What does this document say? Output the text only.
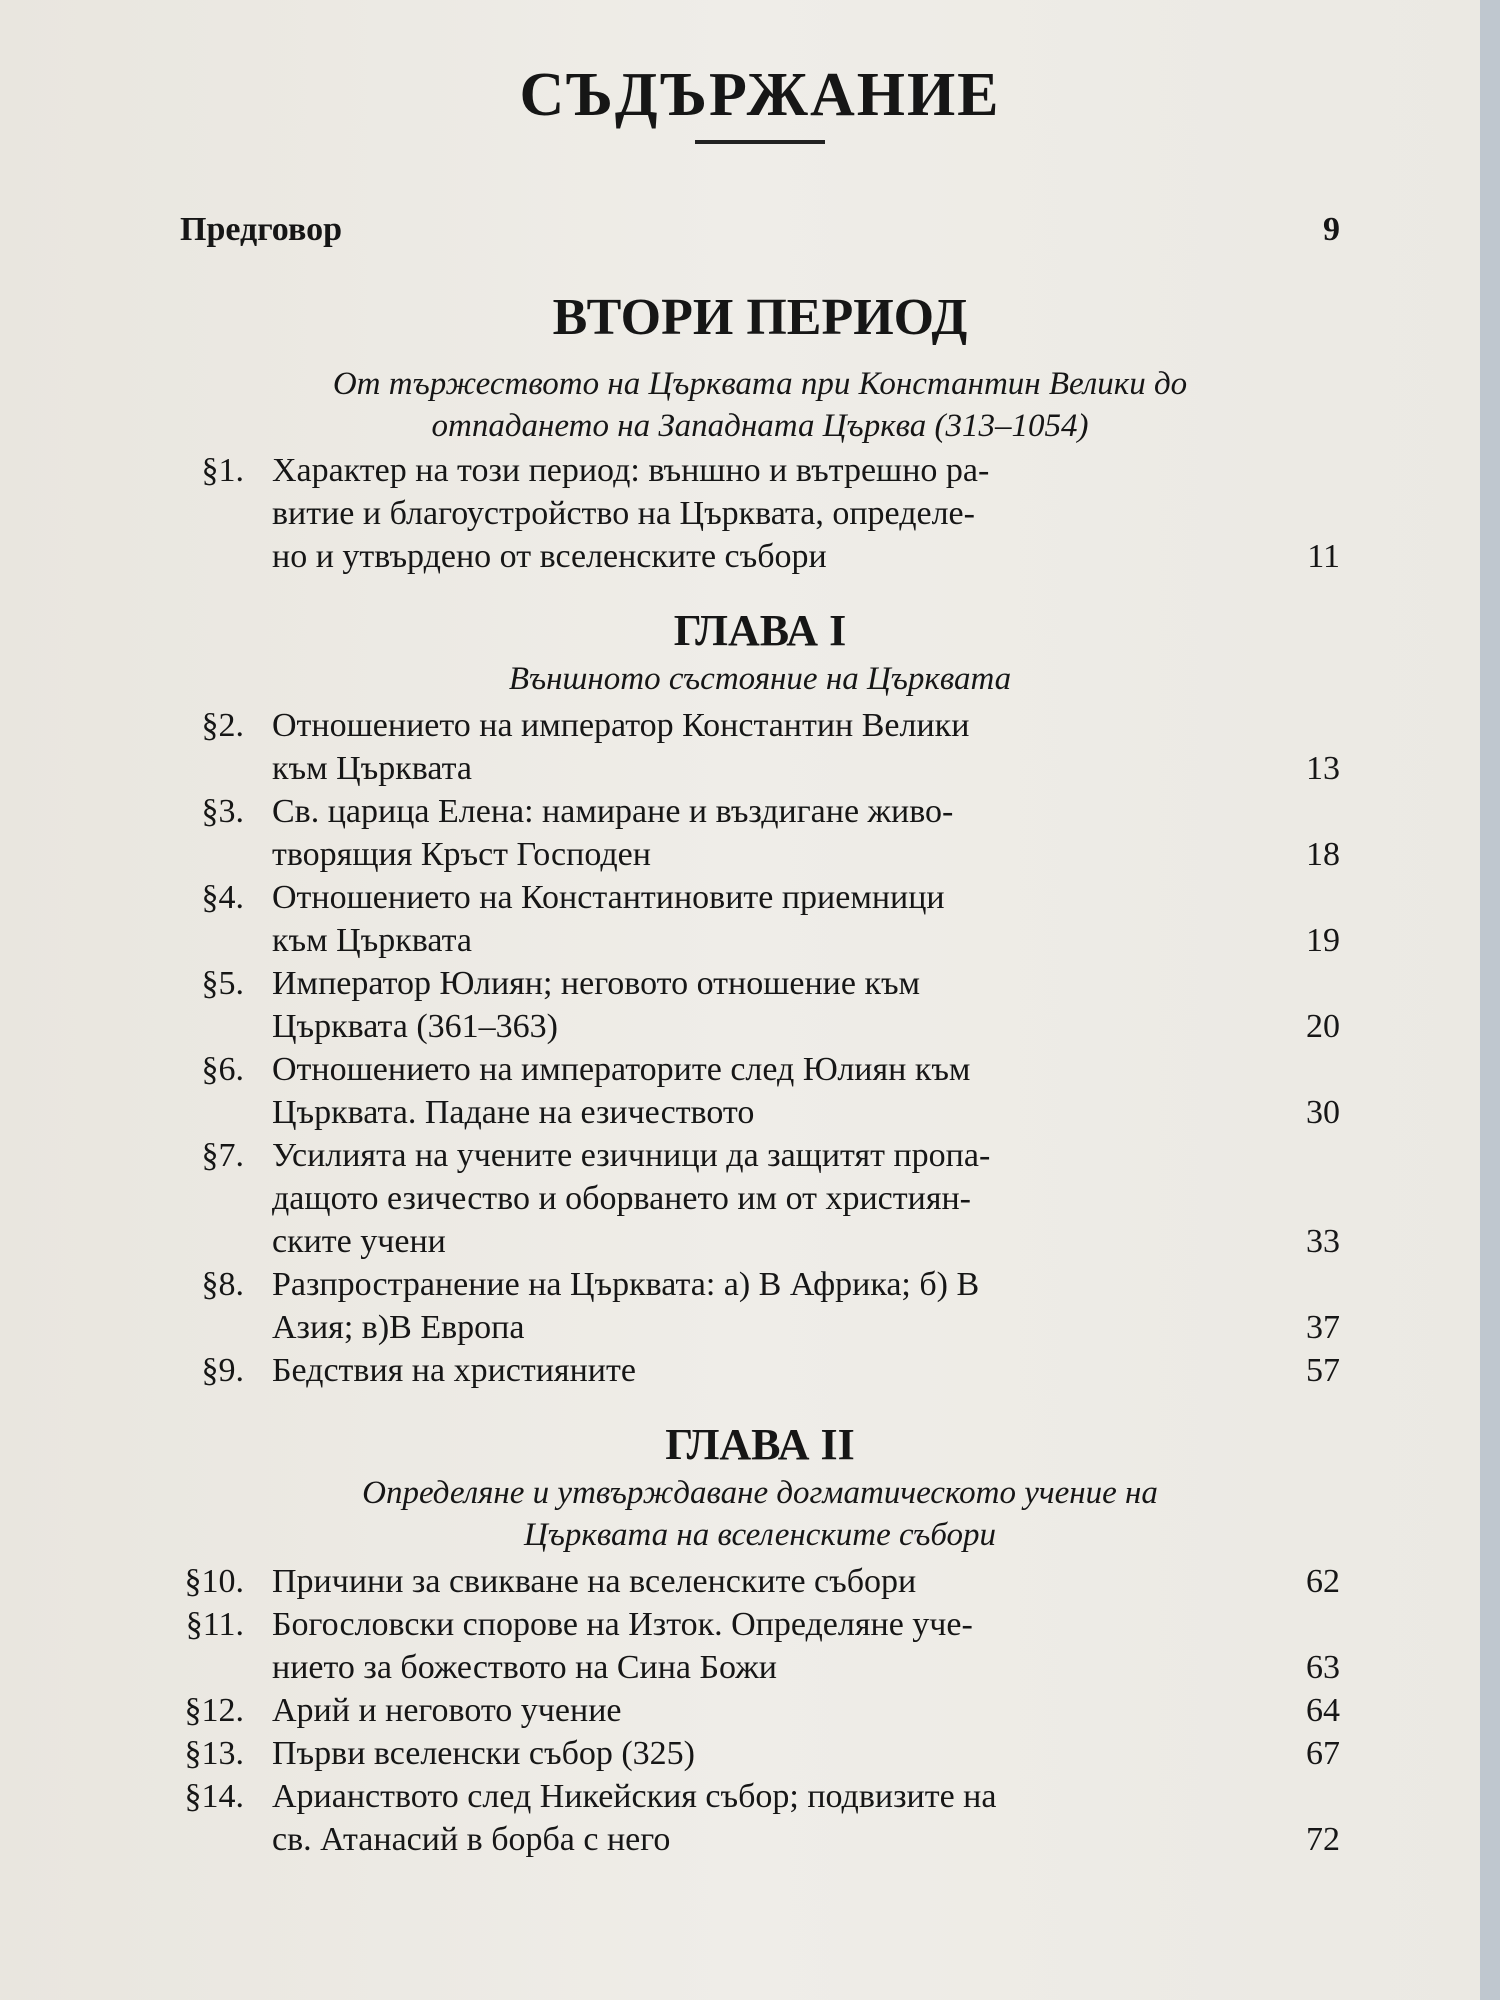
СЪДЪРЖАНИЕ
Предговор	9
ВТОРИ ПЕРИОД
От тържеството на Църквата при Константин Велики до
отпадането на Западната Църква (313–1054)
§1. Характер на този период: външно и вътрешно ра-
витие и благоустройство на Църквата, определе-
но и утвърдено от вселенските събори	11
ГЛАВА I
Външното състояние на Църквата
§2. Отношението на император Константин Велики
към Църквата	13
§3. Св. царица Елена: намиране и въздигане живо-
творящия Кръст Господен	18
§4. Отношението на Константиновите приемници
към Църквата	19
§5. Император Юлиян; неговото отношение към
Църквата (361–363)	20
§6. Отношението на императорите след Юлиян към
Църквата. Падане на езичеството	30
§7. Усилията на учените езичници да защитят пропа-
дащото езичество и оборването им от християн-
ските учени	33
§8. Разпространение на Църквата: а) В Африка; б) В
Азия; в)В Европа	37
§9. Бедствия на християните	57
ГЛАВА II
Определяне и утвърждаване догматическото учение на
Църквата на вселенските събори
§10. Причини за свикване на вселенските събори	62
§11. Богословски спорове на Изток. Определяне уче-
нието за божеството на Сина Божи	63
§12. Арий и неговото учение	64
§13. Първи вселенски събор (325)	67
§14. Арианството след Никейския събор; подвизите на
св. Атанасий в борба с него	72
